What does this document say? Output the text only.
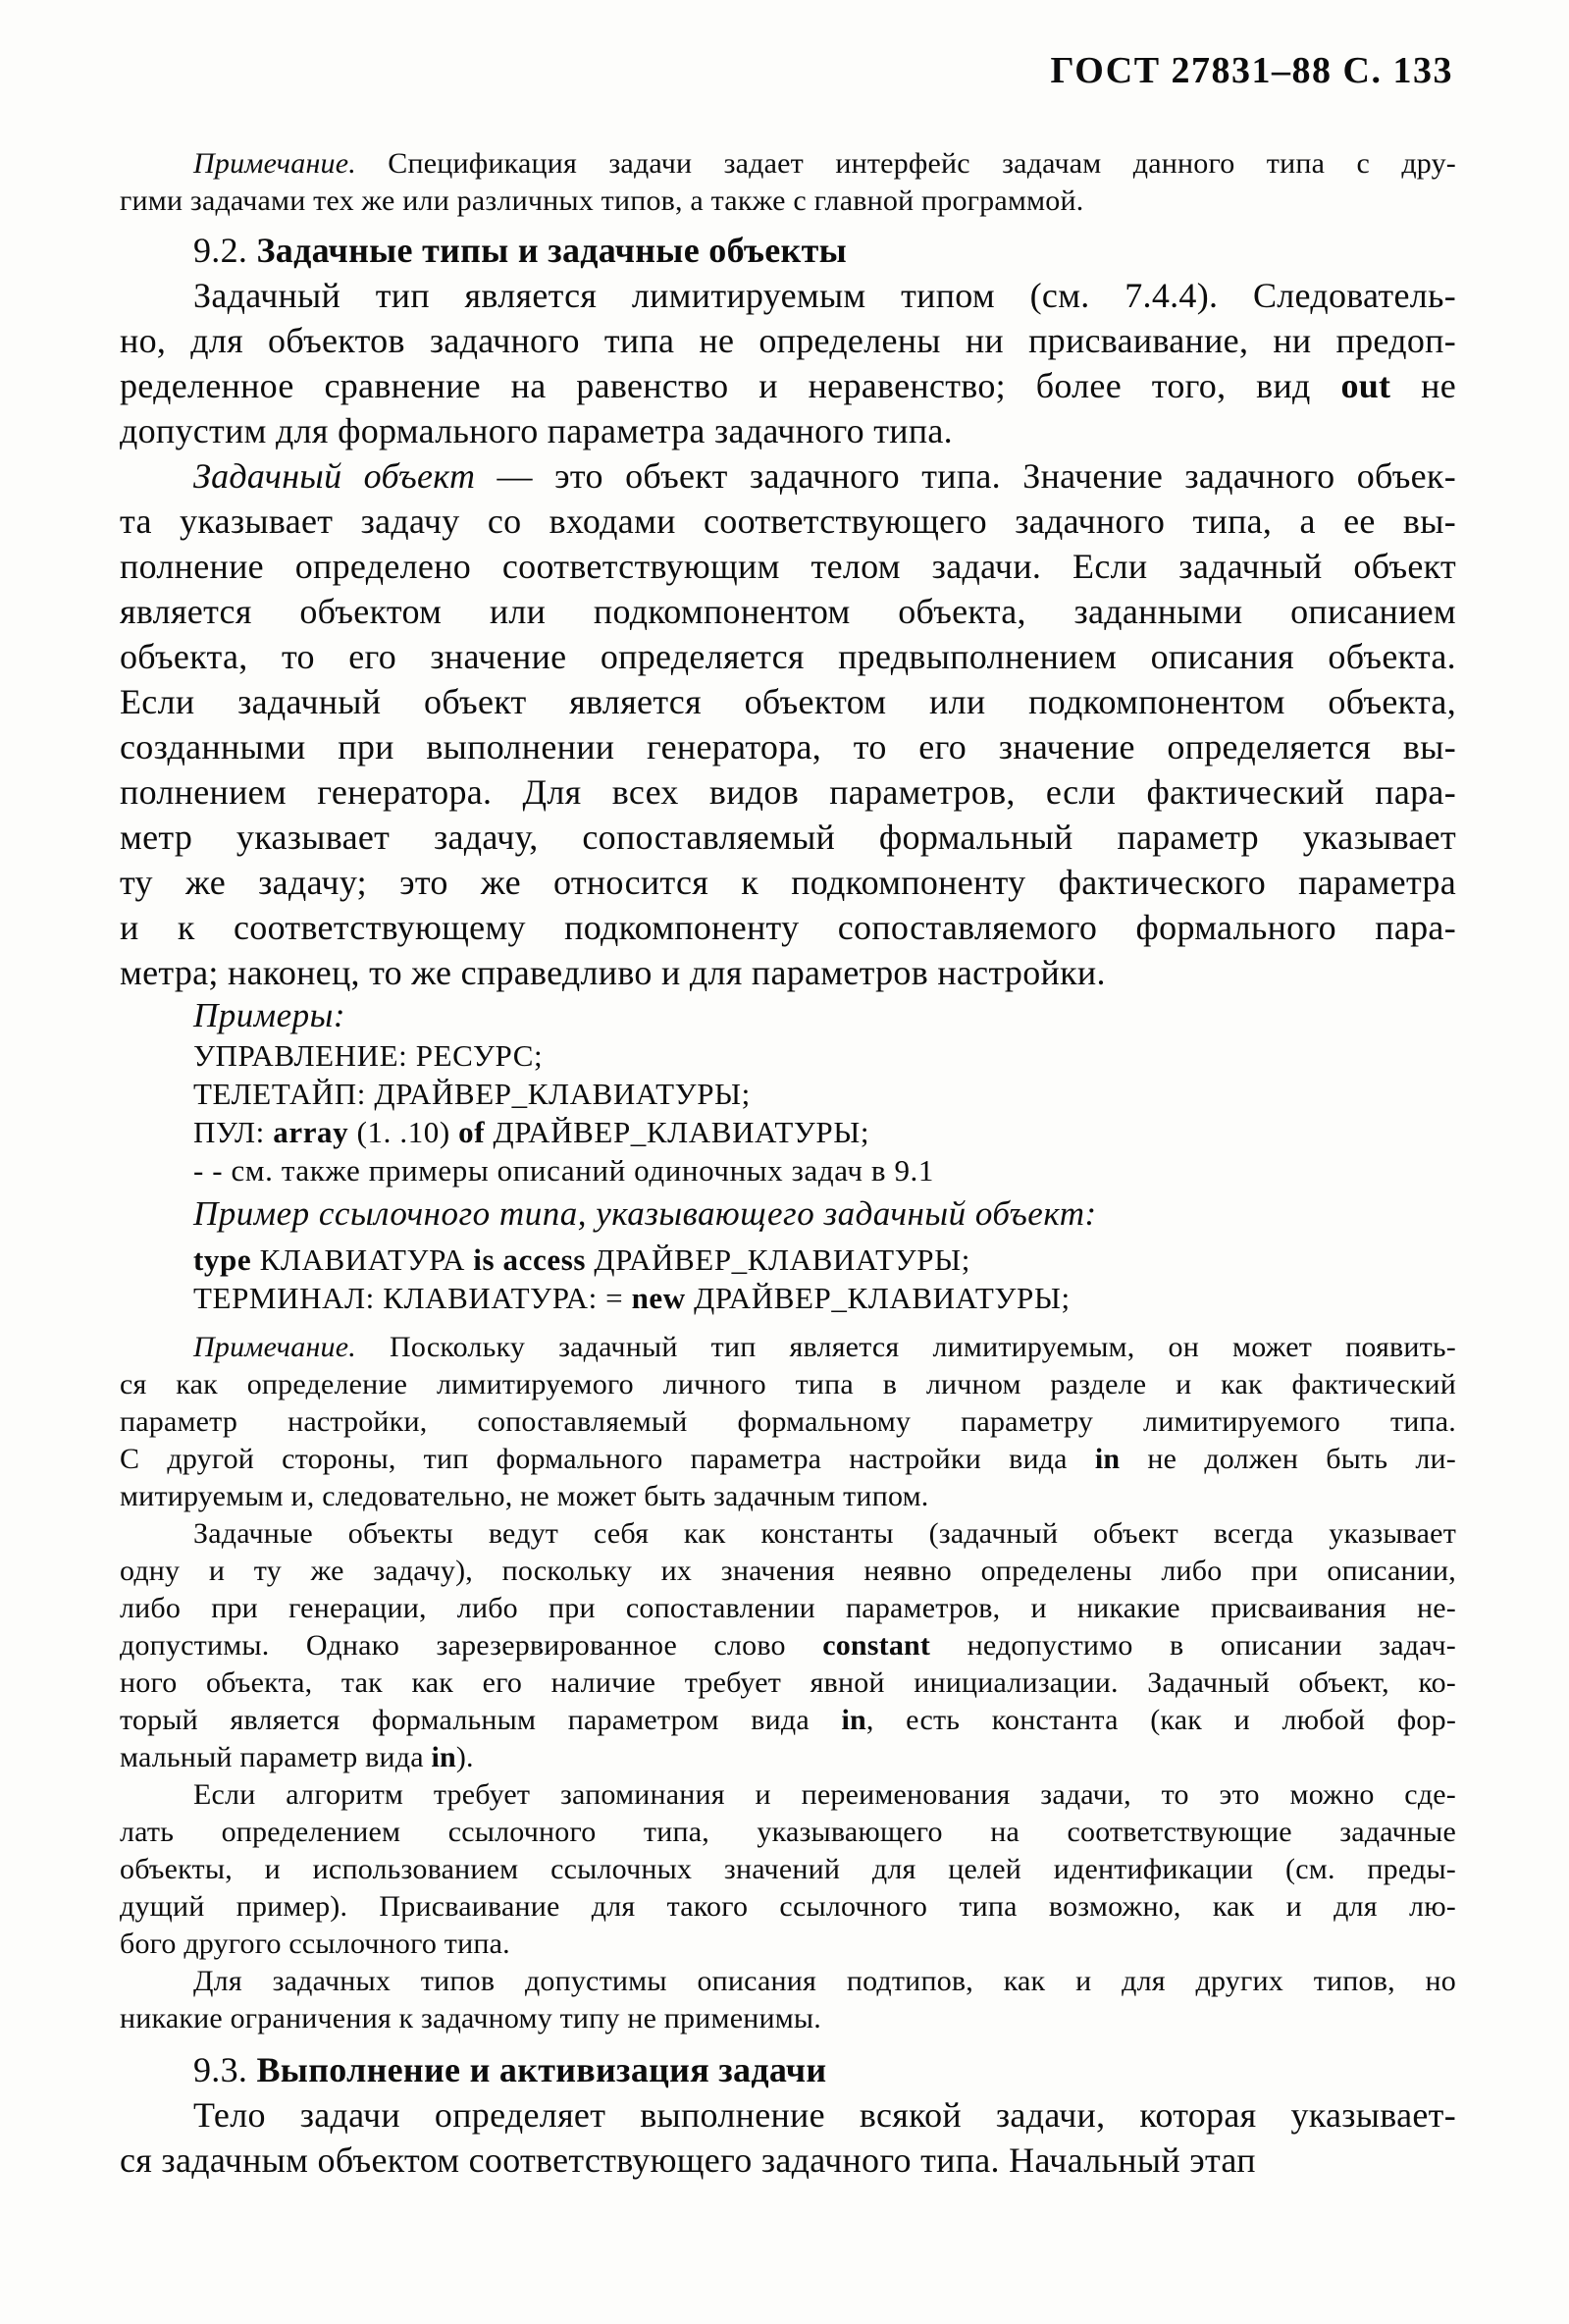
ГОСТ 27831–88 С. 133
Примечание. Спецификация задачи задает интерфейс задачам данного типа с дру-
гими задачами тех же или различных типов, а также с главной программой.
9.2. Задачные типы и задачные объекты
Задачный тип является лимитируемым типом (см. 7.4.4). Следователь-
но, для объектов задачного типа не определены ни присваивание, ни предоп-
ределенное сравнение на равенство и неравенство; более того, вид out не
допустим для формального параметра задачного типа.
Задачный объект — это объект задачного типа. Значение задачного объек-
та указывает задачу со входами соответствующего задачного типа, а ее вы-
полнение определено соответствующим телом задачи. Если задачный объект
является объектом или подкомпонентом объекта, заданными описанием
объекта, то его значение определяется предвыполнением описания объекта.
Если задачный объект является объектом или подкомпонентом объекта,
созданными при выполнении генератора, то его значение определяется вы-
полнением генератора. Для всех видов параметров, если фактический пара-
метр указывает задачу, сопоставляемый формальный параметр указывает
ту же задачу; это же относится к подкомпоненту фактического параметра
и к соответствующему подкомпоненту сопоставляемого формального пара-
метра; наконец, то же справедливо и для параметров настройки.
Примеры:
УПРАВЛЕНИЕ: РЕСУРС;
ТЕЛЕТАЙП: ДРАЙВЕР_КЛАВИАТУРЫ;
ПУЛ: array (1. .10) of ДРАЙВЕР_КЛАВИАТУРЫ;
- - см. также примеры описаний одиночных задач в 9.1
Пример ссылочного типа, указывающего задачный объект:
type КЛАВИАТУРА is access ДРАЙВЕР_КЛАВИАТУРЫ;
ТЕРМИНАЛ: КЛАВИАТУРА: = new ДРАЙВЕР_КЛАВИАТУРЫ;
Примечание. Поскольку задачный тип является лимитируемым, он может появить-
ся как определение лимитируемого личного типа в личном разделе и как фактический
параметр настройки, сопоставляемый формальному параметру лимитируемого типа.
С другой стороны, тип формального параметра настройки вида in не должен быть ли-
митируемым и, следовательно, не может быть задачным типом.
Задачные объекты ведут себя как константы (задачный объект всегда указывает
одну и ту же задачу), поскольку их значения неявно определены либо при описании,
либо при генерации, либо при сопоставлении параметров, и никакие присваивания не-
допустимы. Однако зарезервированное слово constant недопустимо в описании задач-
ного объекта, так как его наличие требует явной инициализации. Задачный объект, ко-
торый является формальным параметром вида in, есть константа (как и любой фор-
мальный параметр вида in).
Если алгоритм требует запоминания и переименования задачи, то это можно сде-
лать определением ссылочного типа, указывающего на соответствующие задачные
объекты, и использованием ссылочных значений для целей идентификации (см. преды-
дущий пример). Присваивание для такого ссылочного типа возможно, как и для лю-
бого другого ссылочного типа.
Для задачных типов допустимы описания подтипов, как и для других типов, но
никакие ограничения к задачному типу не применимы.
9.3. Выполнение и активизация задачи
Тело задачи определяет выполнение всякой задачи, которая указывает-
ся задачным объектом соответствующего задачного типа. Начальный этап
